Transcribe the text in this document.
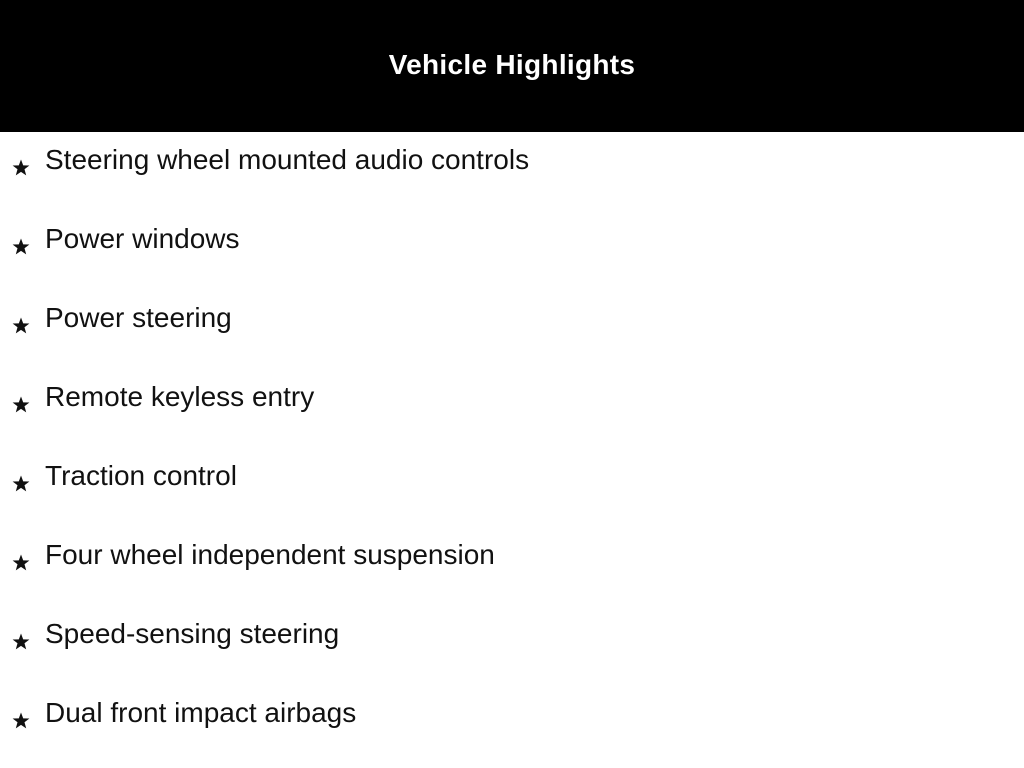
Vehicle Highlights
Steering wheel mounted audio controls
Power windows
Power steering
Remote keyless entry
Traction control
Four wheel independent suspension
Speed-sensing steering
Dual front impact airbags
